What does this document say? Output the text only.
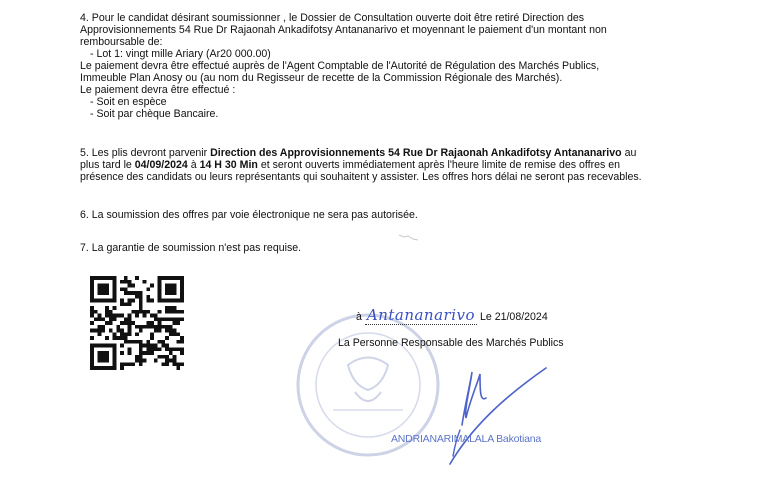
4. Pour le candidat désirant soumissionner , le Dossier de Consultation ouverte doit être retiré Direction des
Approvisionnements 54 Rue Dr Rajaonah Ankadifotsy Antananarivo et moyennant le paiement d'un montant non
remboursable de:
- Lot 1: vingt mille Ariary (Ar20 000.00)
Le paiement devra être effectué auprès de l'Agent Comptable de l'Autorité de Régulation des Marchés Publics,
Immeuble Plan Anosy ou (au nom du Regisseur de recette de la Commission Régionale des Marchés).
Le paiement devra être effectué :
- Soit en espèce
- Soit par chèque Bancaire.
5. Les plis devront parvenir Direction des Approvisionnements 54 Rue Dr Rajaonah Ankadifotsy Antananarivo au
plus tard le 04/09/2024 à 14 H 30 Min et seront ouverts immédiatement après l'heure limite de remise des offres en
présence des candidats ou leurs représentants qui souhaitent y assister. Les offres hors délai ne seront pas recevables.
6. La soumission des offres par voie électronique ne sera pas autorisée.
7. La garantie de soumission n'est pas requise.
à Antananarivo Le 21/08/2024
La Personne Responsable des Marchés Publics
ANDRIANARIMALALA Bakotiana
